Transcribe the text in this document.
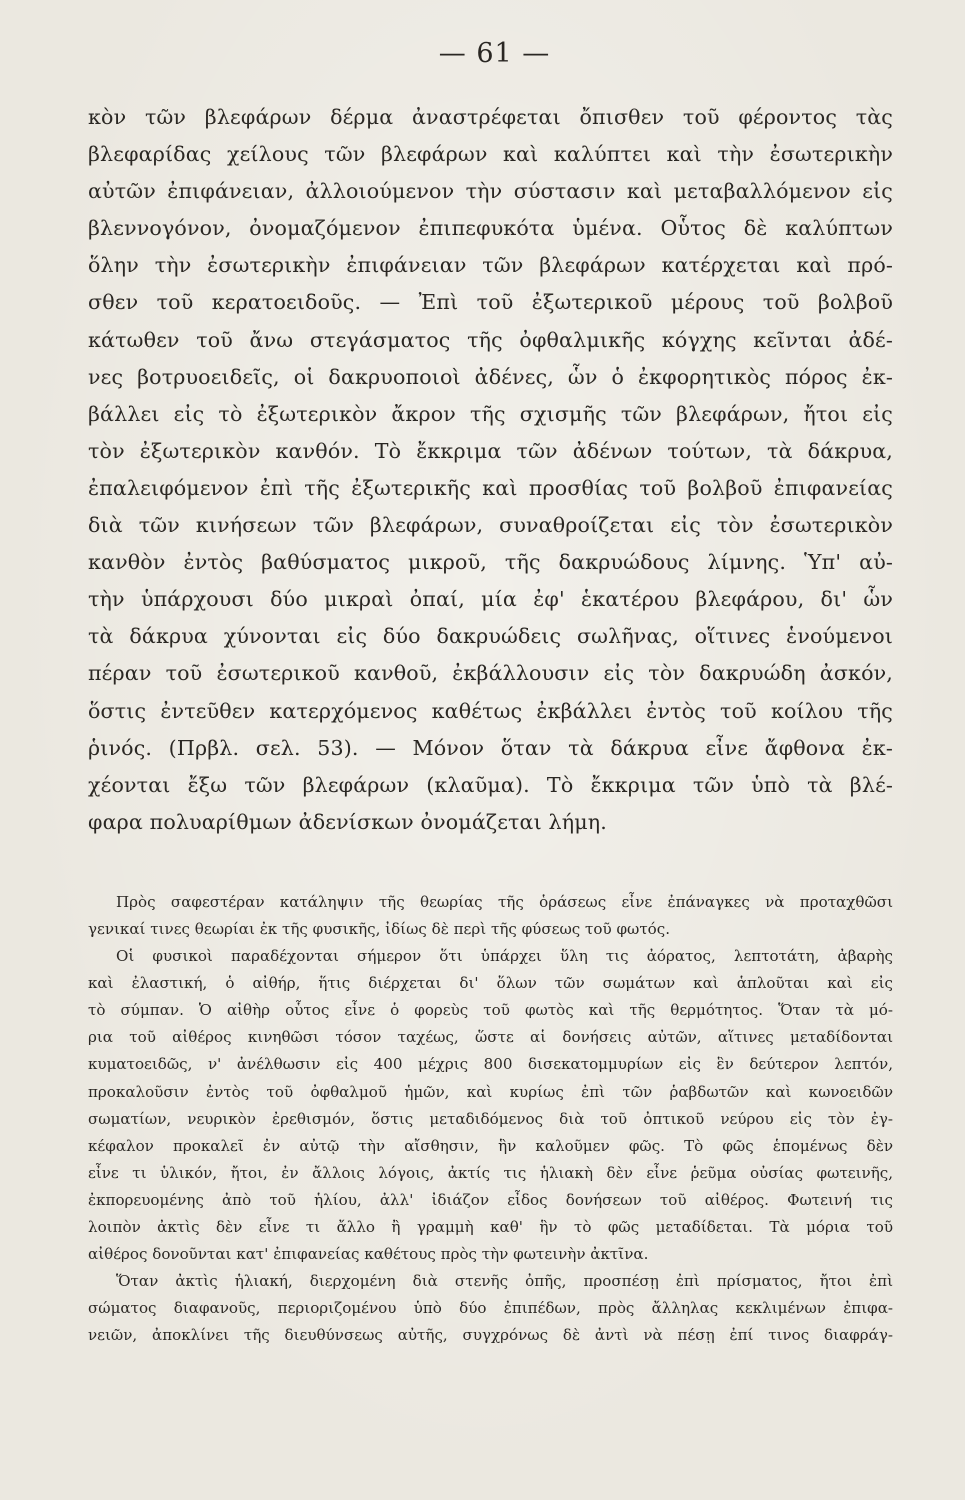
— 61 —
κὸν τῶν βλεφάρων δέρμα ἀναστρέφεται ὄπισθεν τοῦ φέροντος τὰς
βλεφαρίδας χείλους τῶν βλεφάρων καὶ καλύπτει καὶ τὴν ἐσωτερικὴν
αὐτῶν ἐπιφάνειαν, ἀλλοιούμενον τὴν σύστασιν καὶ μεταβαλλόμενον εἰς
βλεννογόνον, ὀνομαζόμενον ἐπιπεφυκότα ὑμένα. Οὗτος δὲ καλύπτων
ὅλην τὴν ἐσωτερικὴν ἐπιφάνειαν τῶν βλεφάρων κατέρχεται καὶ πρό-
σθεν τοῦ κερατοειδοῦς. — Ἐπὶ τοῦ ἐξωτερικοῦ μέρους τοῦ βολβοῦ
κάτωθεν τοῦ ἄνω στεγάσματος τῆς ὀφθαλμικῆς κόγχης κεῖνται ἀδέ-
νες βοτρυοειδεῖς, οἱ δακρυοποιοὶ ἀδένες, ὧν ὁ ἐκφορητικὸς πόρος ἐκ-
βάλλει εἰς τὸ ἐξωτερικὸν ἄκρον τῆς σχισμῆς τῶν βλεφάρων, ἤτοι εἰς
τὸν ἐξωτερικὸν κανθόν. Τὸ ἔκκριμα τῶν ἀδένων τούτων, τὰ δάκρυα,
ἐπαλειφόμενον ἐπὶ τῆς ἐξωτερικῆς καὶ προσθίας τοῦ βολβοῦ ἐπιφανείας
διὰ τῶν κινήσεων τῶν βλεφάρων, συναθροίζεται εἰς τὸν ἐσωτερικὸν
κανθὸν ἐντὸς βαθύσματος μικροῦ, τῆς δακρυώδους λίμνης. Ὑπ' αὐ-
τὴν ὑπάρχουσι δύο μικραὶ ὀπαί, μία ἐφ' ἑκατέρου βλεφάρου, δι' ὧν
τὰ δάκρυα χύνονται εἰς δύο δακρυώδεις σωλῆνας, οἵτινες ἑνούμενοι
πέραν τοῦ ἐσωτερικοῦ κανθοῦ, ἐκβάλλουσιν εἰς τὸν δακρυώδη ἀσκόν,
ὅστις ἐντεῦθεν κατερχόμενος καθέτως ἐκβάλλει ἐντὸς τοῦ κοίλου τῆς
ῥινός. (Πρβλ. σελ. 53). — Μόνον ὅταν τὰ δάκρυα εἶνε ἄφθονα ἐκ-
χέονται ἔξω τῶν βλεφάρων (κλαῦμα). Τὸ ἔκκριμα τῶν ὑπὸ τὰ βλέ-
φαρα πολυαρίθμων ἀδενίσκων ὀνομάζεται λήμη.
Πρὸς σαφεστέραν κατάληψιν τῆς θεωρίας τῆς ὁράσεως εἶνε ἐπάναγκες νὰ προταχθῶσι
γενικαί τινες θεωρίαι ἐκ τῆς φυσικῆς, ἰδίως δὲ περὶ τῆς φύσεως τοῦ φωτός.
Οἱ φυσικοὶ παραδέχονται σήμερον ὅτι ὑπάρχει ὕλη τις ἀόρατος, λεπτοτάτη, ἀβαρὴς
καὶ ἐλαστική, ὁ αἰθήρ, ἥτις διέρχεται δι' ὅλων τῶν σωμάτων καὶ ἁπλοῦται καὶ εἰς
τὸ σύμπαν. Ὁ αἰθὴρ οὗτος εἶνε ὁ φορεὺς τοῦ φωτὸς καὶ τῆς θερμότητος. Ὅταν τὰ μό-
ρια τοῦ αἰθέρος κινηθῶσι τόσον ταχέως, ὥστε αἱ δονήσεις αὐτῶν, αἵτινες μεταδίδονται
κυματοειδῶς, ν' ἀνέλθωσιν εἰς 400 μέχρις 800 δισεκατομμυρίων εἰς ἓν δεύτερον λεπτόν,
προκαλοῦσιν ἐντὸς τοῦ ὀφθαλμοῦ ἡμῶν, καὶ κυρίως ἐπὶ τῶν ῥαβδωτῶν καὶ κωνοειδῶν
σωματίων, νευρικὸν ἐρεθισμόν, ὅστις μεταδιδόμενος διὰ τοῦ ὀπτικοῦ νεύρου εἰς τὸν ἐγ-
κέφαλον προκαλεῖ ἐν αὐτῷ τὴν αἴσθησιν, ἣν καλοῦμεν φῶς. Τὸ φῶς ἑπομένως δὲν
εἶνε τι ὑλικόν, ἤτοι, ἐν ἄλλοις λόγοις, ἀκτίς τις ἡλιακὴ δὲν εἶνε ῥεῦμα οὐσίας φωτεινῆς,
ἐκπορευομένης ἀπὸ τοῦ ἡλίου, ἀλλ' ἰδιάζον εἶδος δονήσεων τοῦ αἰθέρος. Φωτεινή τις
λοιπὸν ἀκτὶς δὲν εἶνε τι ἄλλο ἢ γραμμὴ καθ' ἣν τὸ φῶς μεταδίδεται. Τὰ μόρια τοῦ
αἰθέρος δονοῦνται κατ' ἐπιφανείας καθέτους πρὸς τὴν φωτεινὴν ἀκτῖνα.
Ὅταν ἀκτὶς ἡλιακή, διερχομένη διὰ στενῆς ὀπῆς, προσπέσῃ ἐπὶ πρίσματος, ἤτοι ἐπὶ
σώματος διαφανοῦς, περιοριζομένου ὑπὸ δύο ἐπιπέδων, πρὸς ἄλληλας κεκλιμένων ἐπιφα-
νειῶν, ἀποκλίνει τῆς διευθύνσεως αὐτῆς, συγχρόνως δὲ ἀντὶ νὰ πέσῃ ἐπί τινος διαφράγ-
